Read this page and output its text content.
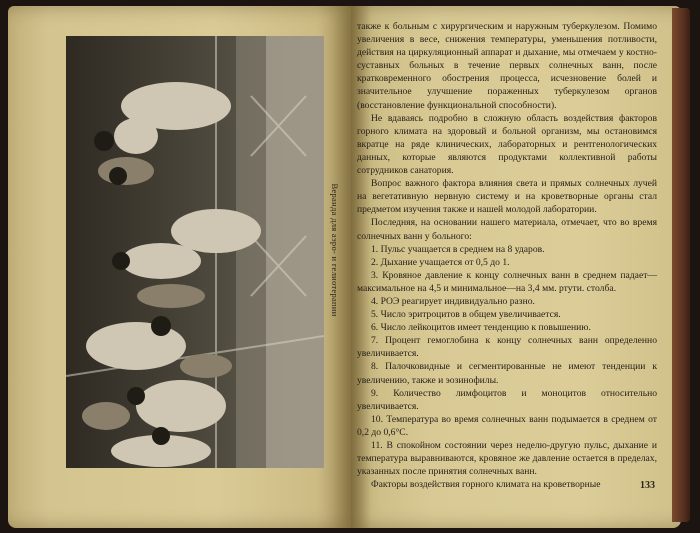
Веранда для аэро- и гелиотерапии

также к больным с хирургическим и наружным туберкулезом. Помимо увеличения в весе, снижения температуры, уменьшения потливости, действия на циркуляционный аппарат и дыхание, мы отмечаем у костно-суставных больных в течение первых солнечных ванн, после кратковременного обострения процесса, исчезновение болей и значительное улучшение пораженных туберкулезом органов (восстановление функциональной способности).

Не вдаваясь подробно в сложную область воздействия факторов горного климата на здоровый и больной организм, мы остановимся вкратце на ряде клинических, лабораторных и рентгенологических данных, которые являются продуктами коллективной работы сотрудников санатория.

Вопрос важного фактора влияния света и прямых солнечных лучей на вегетативную нервную систему и на кроветворные органы стал предметом изучения также и нашей молодой лаборатории.

Последняя, на основании нашего материала, отмечает, что во время солнечных ванн у больного:

1. Пульс учащается в среднем на 8 ударов.

2. Дыхание учащается от 0,5 до 1.

3. Кровяное давление к концу солнечных ванн в среднем падает—максимальное на 4,5 и минимальное—на 3,4 мм. ртути. столба.

4. РОЭ реагирует индивидуально разно.

5. Число эритроцитов в общем увеличивается.

6. Число лейкоцитов имеет тенденцию к повышению.

7. Процент гемоглобина к концу солнечных ванн определенно увеличивается.

8. Палочковидные и сегментированные не имеют тенденции к увеличению, также и эозинофилы.

9. Количество лимфоцитов и моноцитов относительно увеличивается.

10. Температура во время солнечных ванн подымается в среднем от 0,2 до 0,6°С.

11. В спокойном состоянии через неделю-другую пульс, дыхание и температура выравниваются, кровяное же давление остается в пределах, указанных после принятия солнечных ванн.

Факторы воздействия горного климата на кроветворные	133
